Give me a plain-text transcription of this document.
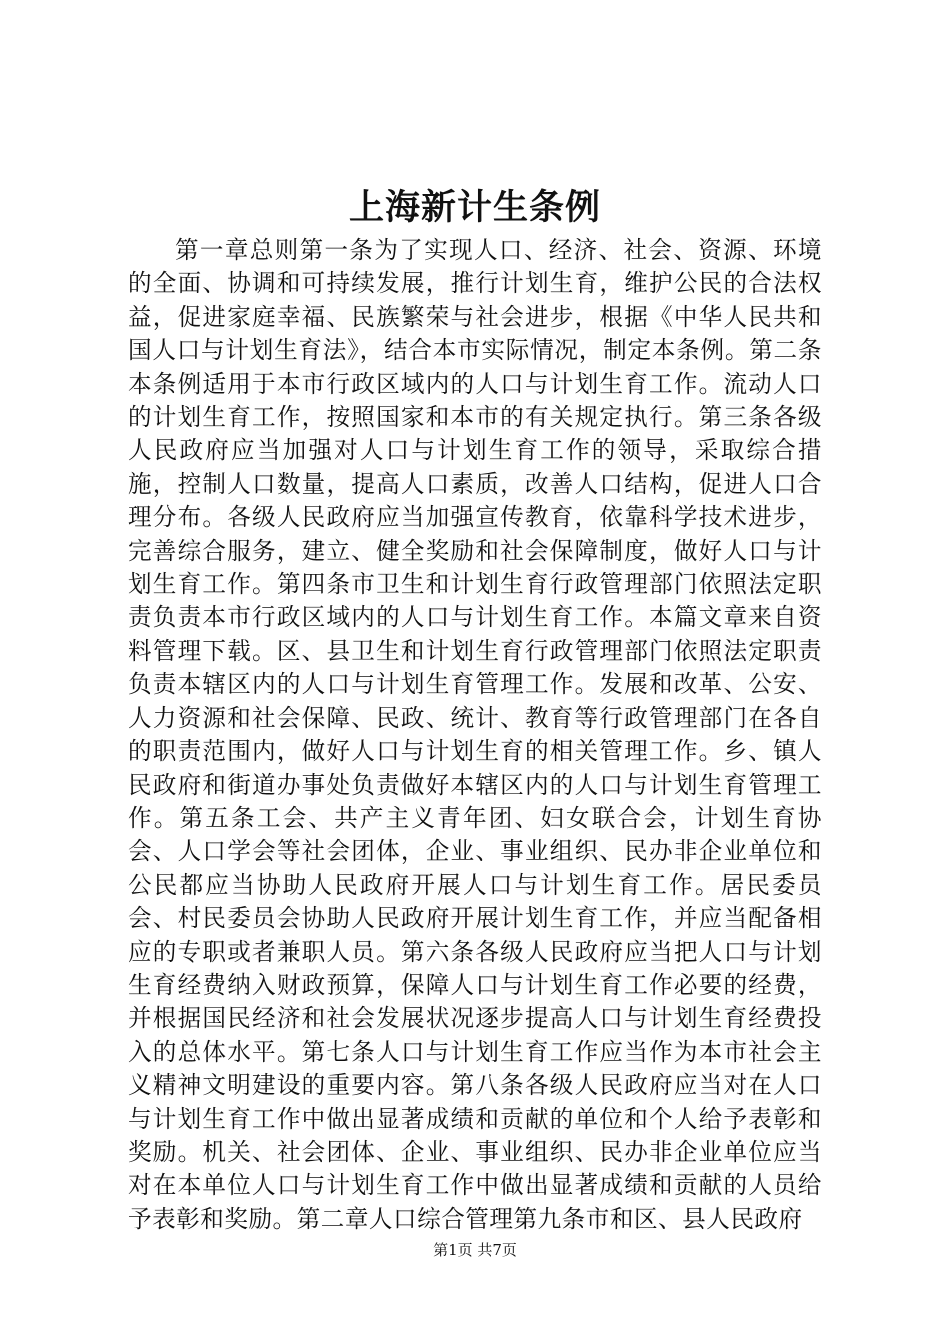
上海新计生条例

第一章总则第一条为了实现人口、经济、社会、资源、环境的全面、协调和可持续发展，推行计划生育，维护公民的合法权益，促进家庭幸福、民族繁荣与社会进步，根据《中华人民共和国人口与计划生育法》，结合本市实际情况，制定本条例。第二条本条例适用于本市行政区域内的人口与计划生育工作。流动人口的计划生育工作，按照国家和本市的有关规定执行。第三条各级人民政府应当加强对人口与计划生育工作的领导，采取综合措施，控制人口数量，提高人口素质，改善人口结构，促进人口合理分布。各级人民政府应当加强宣传教育，依靠科学技术进步，完善综合服务，建立、健全奖励和社会保障制度，做好人口与计划生育工作。第四条市卫生和计划生育行政管理部门依照法定职责负责本市行政区域内的人口与计划生育工作。本篇文章来自资料管理下载。区、县卫生和计划生育行政管理部门依照法定职责负责本辖区内的人口与计划生育管理工作。发展和改革、公安、人力资源和社会保障、民政、统计、教育等行政管理部门在各自的职责范围内，做好人口与计划生育的相关管理工作。乡、镇人民政府和街道办事处负责做好本辖区内的人口与计划生育管理工作。第五条工会、共产主义青年团、妇女联合会，计划生育协会、人口学会等社会团体，企业、事业组织、民办非企业单位和公民都应当协助人民政府开展人口与计划生育工作。居民委员会、村民委员会协助人民政府开展计划生育工作，并应当配备相应的专职或者兼职人员。第六条各级人民政府应当把人口与计划生育经费纳入财政预算，保障人口与计划生育工作必要的经费，并根据国民经济和社会发展状况逐步提高人口与计划生育经费投入的总体水平。第七条人口与计划生育工作应当作为本市社会主义精神文明建设的重要内容。第八条各级人民政府应当对在人口与计划生育工作中做出显著成绩和贡献的单位和个人给予表彰和奖励。机关、社会团体、企业、事业组织、民办非企业单位应当对在本单位人口与计划生育工作中做出显著成绩和贡献的人员给予表彰和奖励。第二章人口综合管理第九条市和区、县人民政府

第1页 共7页
